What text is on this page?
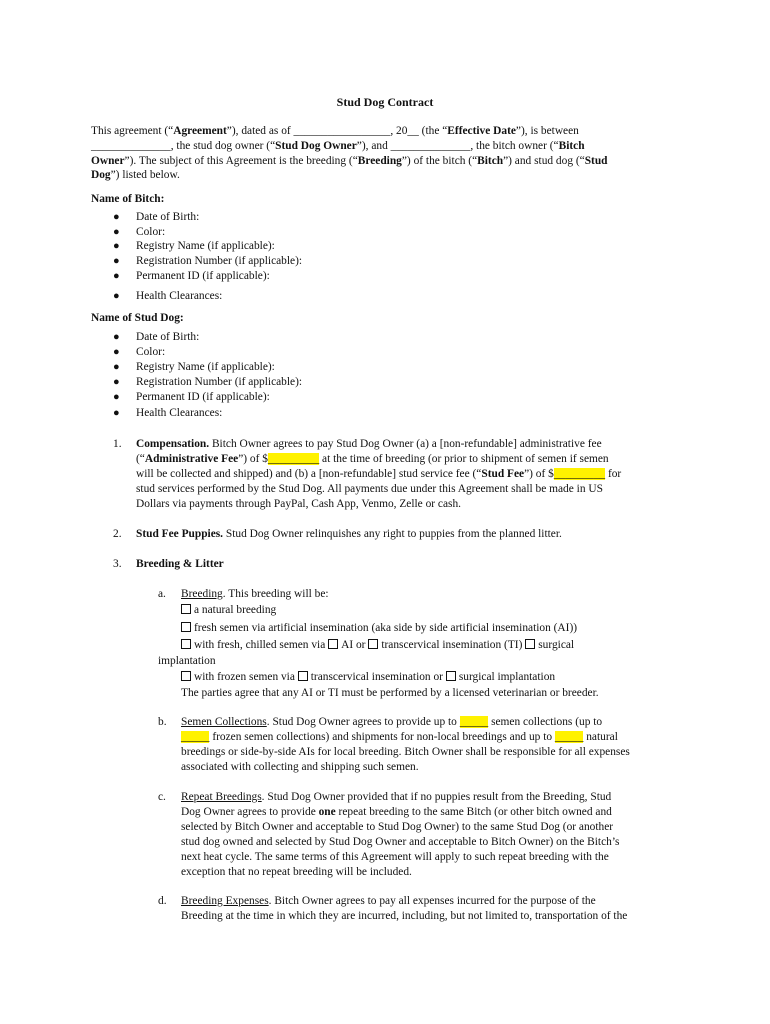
Stud Dog Contract
This agreement (“Agreement”), dated as of _________________, 20__ (the “Effective Date”), is between
______________, the stud dog owner (“Stud Dog Owner”), and ______________, the bitch owner (“Bitch
Owner”). The subject of this Agreement is the breeding (“Breeding”) of the bitch (“Bitch”) and stud dog (“Stud
Dog”) listed below.
Name of Bitch:
● Date of Birth:
● Color:
● Registry Name (if applicable):
● Registration Number (if applicable):
● Permanent ID (if applicable):
● Health Clearances:
Name of Stud Dog:
● Date of Birth:
● Color:
● Registry Name (if applicable):
● Registration Number (if applicable):
● Permanent ID (if applicable):
● Health Clearances:
1. Compensation. Bitch Owner agrees to pay Stud Dog Owner (a) a [non-refundable] administrative fee
(“Administrative Fee”) of $_________ at the time of breeding (or prior to shipment of semen if semen
will be collected and shipped) and (b) a [non-refundable] stud service fee (“Stud Fee”) of $_________ for
stud services performed by the Stud Dog. All payments due under this Agreement shall be made in US
Dollars via payments through PayPal, Cash App, Venmo, Zelle or cash.
2. Stud Fee Puppies. Stud Dog Owner relinquishes any right to puppies from the planned litter.
3. Breeding & Litter
a. Breeding. This breeding will be:
a natural breeding
fresh semen via artificial insemination (aka side by side artificial insemination (AI))
with fresh, chilled semen via AI or transcervical insemination (TI) surgical
implantation
with frozen semen via transcervical insemination or surgical implantation
The parties agree that any AI or TI must be performed by a licensed veterinarian or breeder.
b. Semen Collections. Stud Dog Owner agrees to provide up to _____ semen collections (up to
_____ frozen semen collections) and shipments for non-local breedings and up to _____ natural
breedings or side-by-side AIs for local breeding. Bitch Owner shall be responsible for all expenses
associated with collecting and shipping such semen.
c. Repeat Breedings. Stud Dog Owner provided that if no puppies result from the Breeding, Stud
Dog Owner agrees to provide one repeat breeding to the same Bitch (or other bitch owned and
selected by Bitch Owner and acceptable to Stud Dog Owner) to the same Stud Dog (or another
stud dog owned and selected by Stud Dog Owner and acceptable to Bitch Owner) on the Bitch’s
next heat cycle. The same terms of this Agreement will apply to such repeat breeding with the
exception that no repeat breeding will be included.
d. Breeding Expenses. Bitch Owner agrees to pay all expenses incurred for the purpose of the
Breeding at the time in which they are incurred, including, but not limited to, transportation of the
